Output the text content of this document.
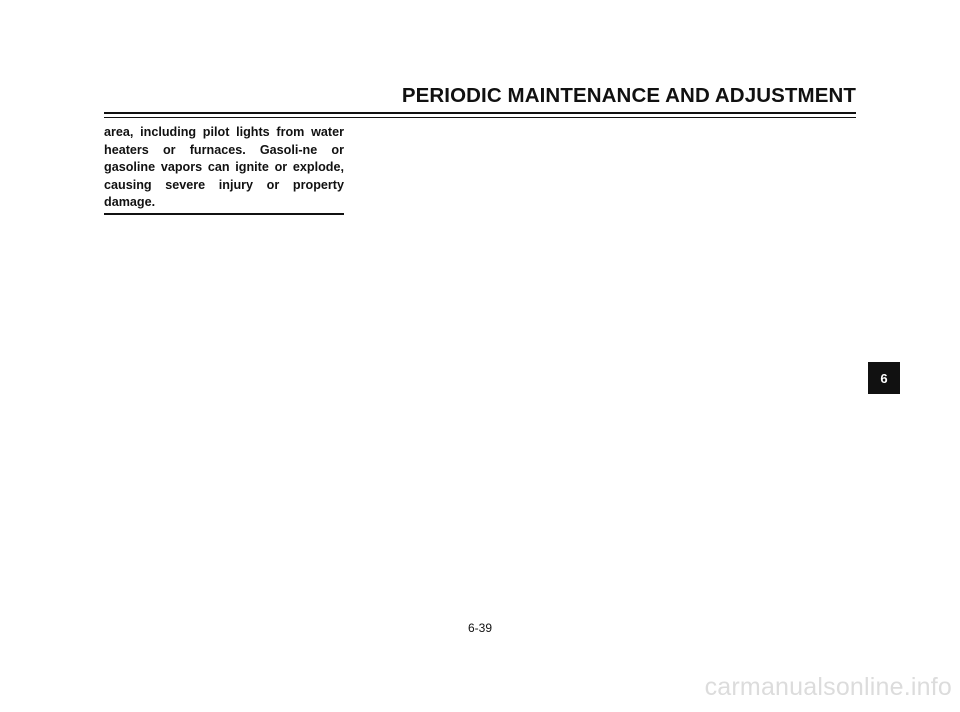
PERIODIC MAINTENANCE AND ADJUSTMENT

area, including pilot lights from water heaters or furnaces. Gasoli-ne or gasoline vapors can ignite or explode, causing severe injury or property damage.

6
6-39
carmanualsonline.info
